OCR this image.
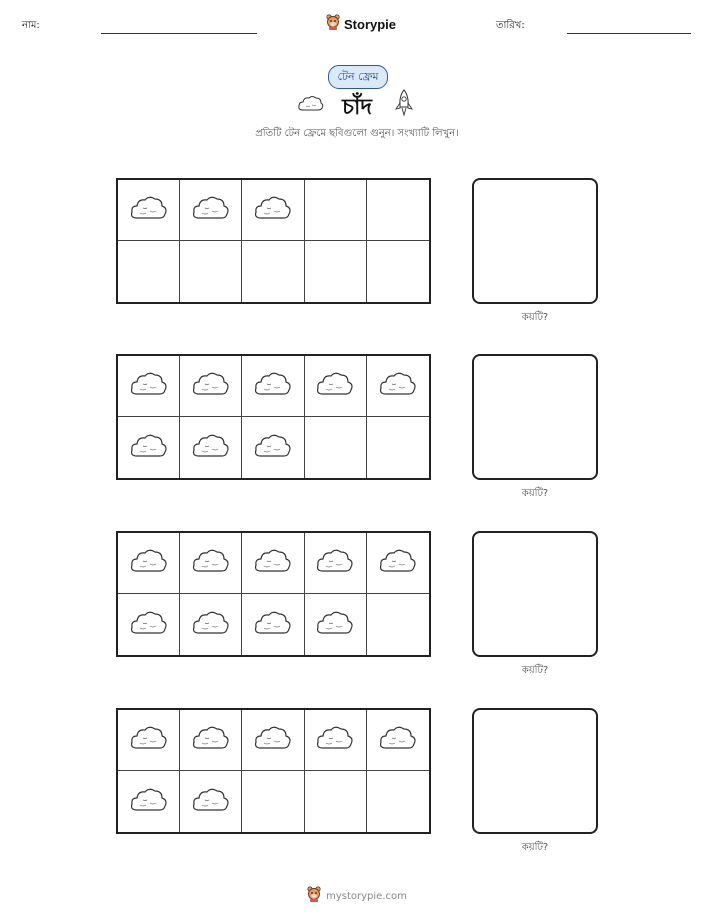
নাম:	Storypie	তারিখ:
টেন ফ্রেম
চাঁদ
প্রতিটি টেন ফ্রেমে ছবিগুলো গুনুন। সংখ্যাটি লিখুন।
কয়টি?
কয়টি?
কয়টি?
কয়টি?
mystorypie.com
